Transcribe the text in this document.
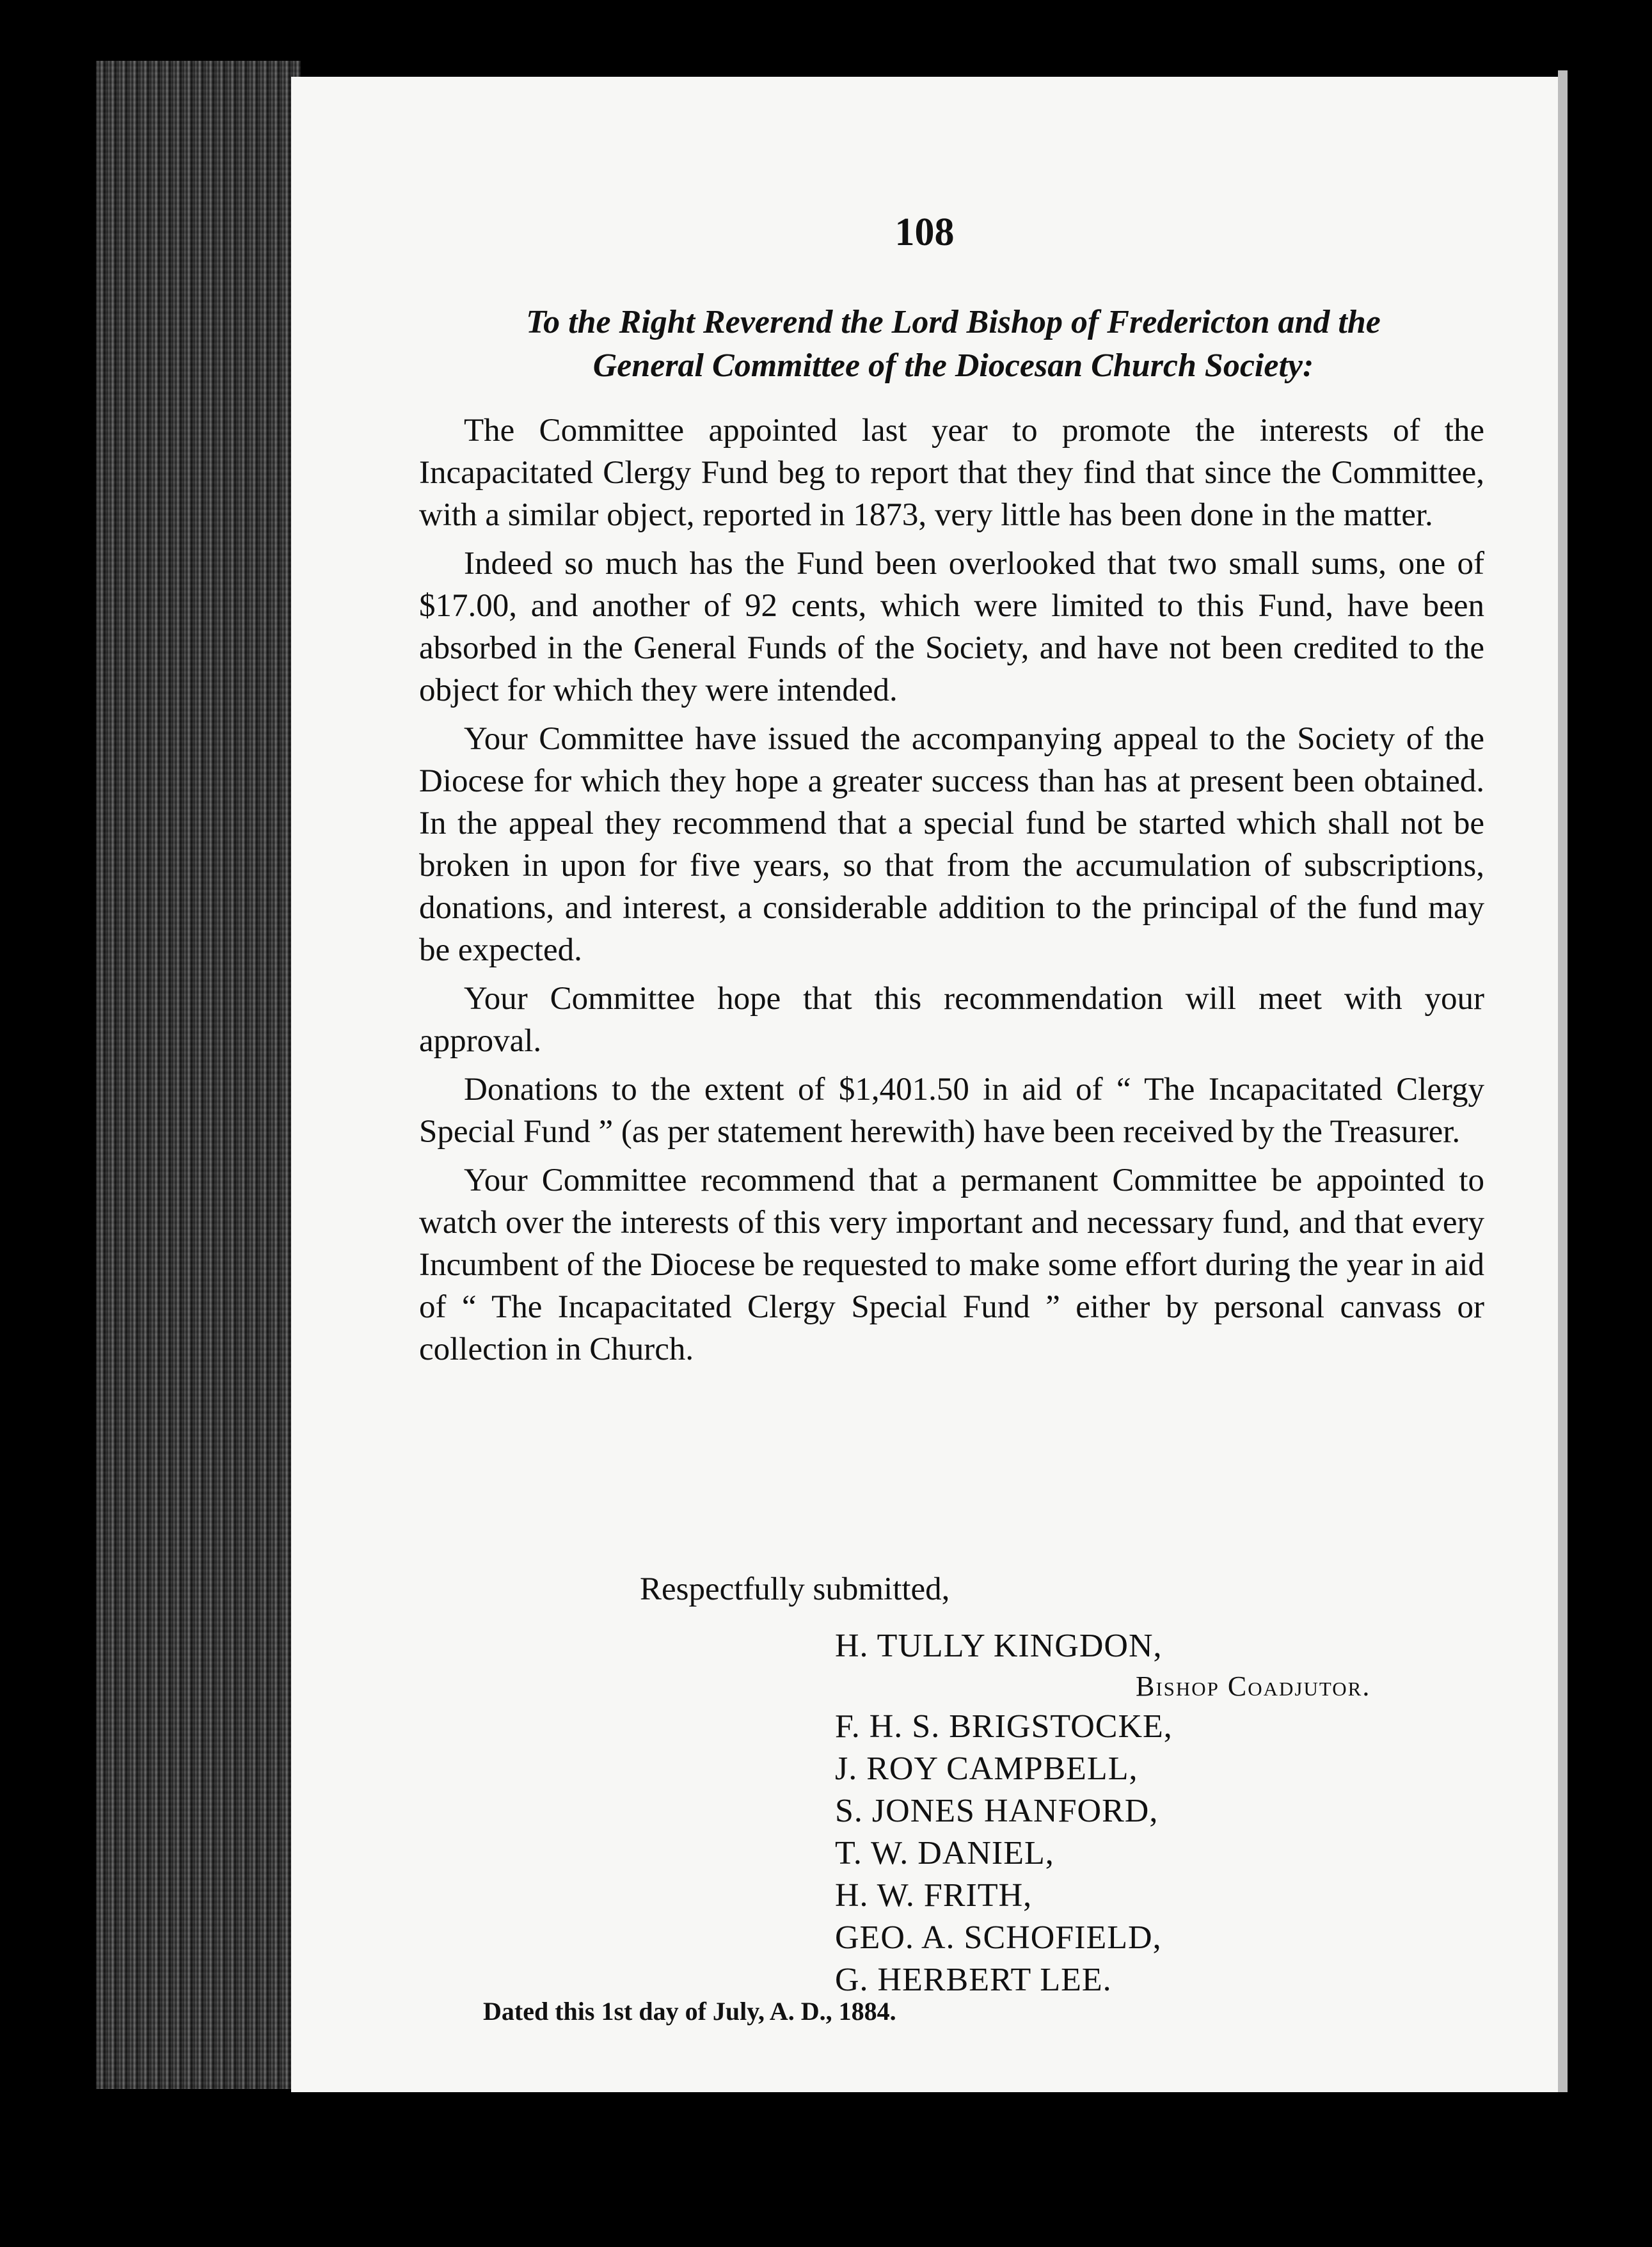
108

To the Right Reverend the Lord Bishop of Fredericton and the
General Committee of the Diocesan Church Society:

The Committee appointed last year to promote the interests of the Incapacitated Clergy Fund beg to report that they find that since the Committee, with a similar object, reported in 1873, very little has been done in the matter.

Indeed so much has the Fund been overlooked that two small sums, one of $17.00, and another of 92 cents, which were limited to this Fund, have been absorbed in the General Funds of the Society, and have not been credited to the object for which they were intended.

Your Committee have issued the accompanying appeal to the Society of the Diocese for which they hope a greater success than has at present been obtained. In the appeal they recommend that a special fund be started which shall not be broken in upon for five years, so that from the accumulation of subscriptions, donations, and interest, a considerable addition to the principal of the fund may be expected.

Your Committee hope that this recommendation will meet with your approval.

Donations to the extent of $1,401.50 in aid of “ The Incapacitated Clergy Special Fund ” (as per statement herewith) have been received by the Treasurer.

Your Committee recommend that a permanent Committee be appointed to watch over the interests of this very important and necessary fund, and that every Incumbent of the Diocese be requested to make some effort during the year in aid of “ The Incapacitated Clergy Special Fund ” either by personal canvass or collection in Church.

Respectfully submitted,

H. TULLY KINGDON,

Bishop Coadjutor.

F. H. S. BRIGSTOCKE,

J. ROY CAMPBELL,

S. JONES HANFORD,

T. W. DANIEL,

H. W. FRITH,

GEO. A. SCHOFIELD,

G. HERBERT LEE.

Dated this 1st day of July, A. D., 1884.
